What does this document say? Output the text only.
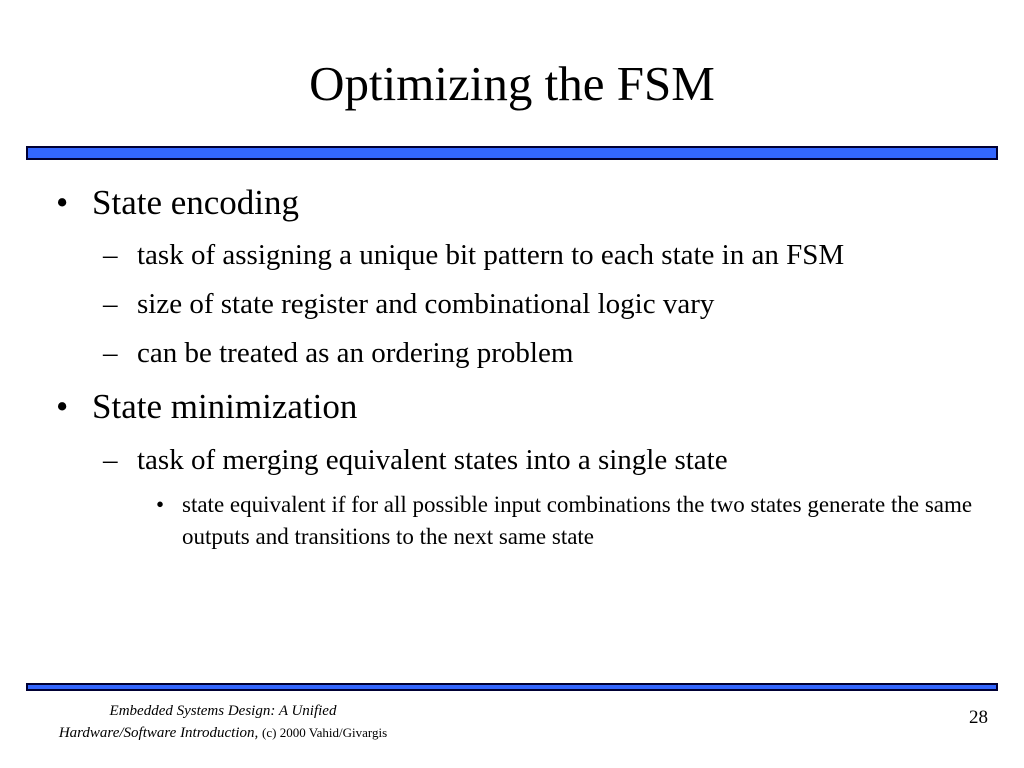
Optimizing the FSM
• State encoding
– task of assigning a unique bit pattern to each state in an FSM
– size of state register and combinational logic vary
– can be treated as an ordering problem
• State minimization
– task of merging equivalent states into a single state
• state equivalent if for all possible input combinations the two states generate the same outputs and transitions to the next same state
Embedded Systems Design: A Unified
Hardware/Software Introduction, (c) 2000 Vahid/Givargis
28
